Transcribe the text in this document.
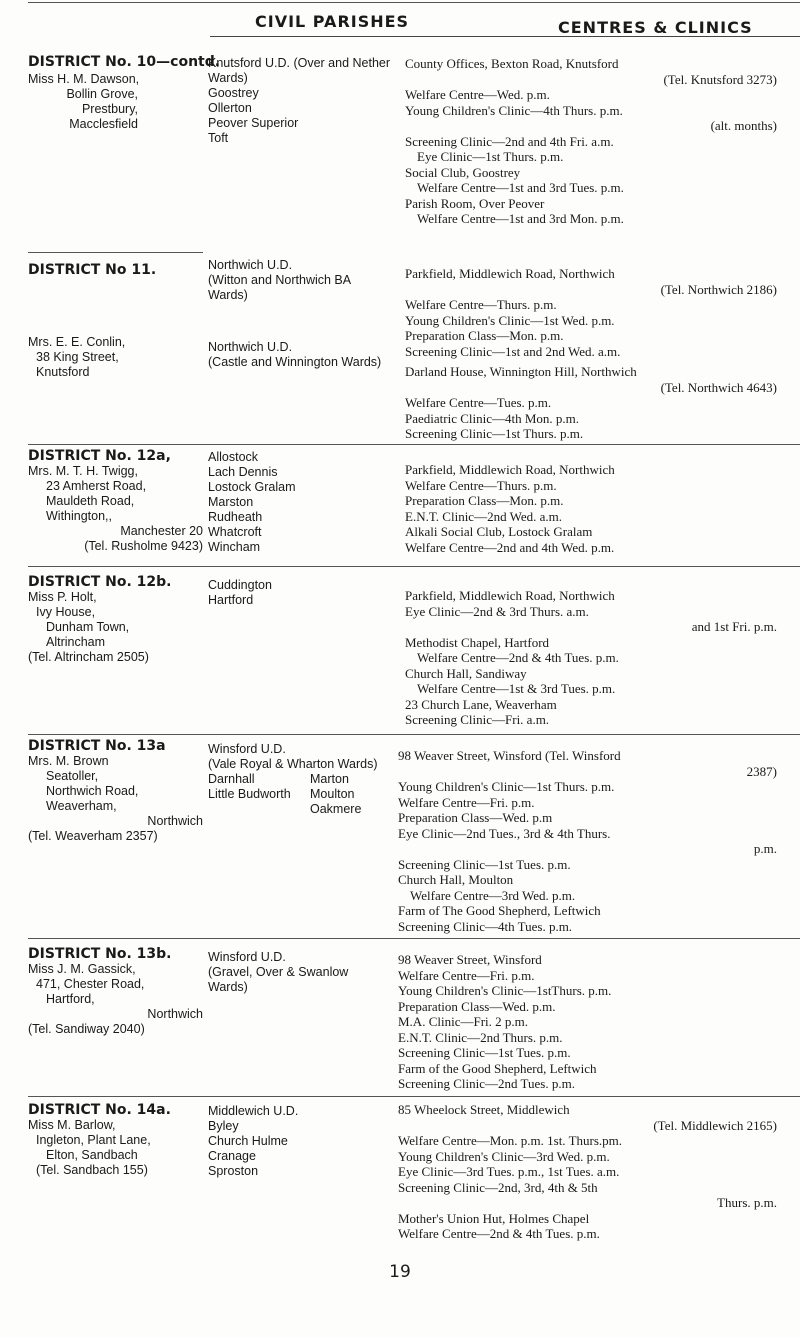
DISTRICT No. 10—contd.
CIVIL PARISHES	CENTRES & CLINICS
Miss H. M. Dawson,
Bollin Grove,
Prestbury,
Macclesfield
Knutsford U.D. (Over and Nether
Wards)
Goostrey
Ollerton
Peover Superior
Toft
County Offices, Bexton Road, Knutsford
(Tel. Knutsford 3273)
Welfare Centre—Wed. p.m.
Young Children's Clinic—4th Thurs. p.m.
(alt. months)
Screening Clinic—2nd and 4th Fri. a.m.
Eye Clinic—1st Thurs. p.m.
Social Club, Goostrey
Welfare Centre—1st and 3rd Tues. p.m.
Parish Room, Over Peover
Welfare Centre—1st and 3rd Mon. p.m.
DISTRICT No 11.
Mrs. E. E. Conlin,
38 King Street,
Knutsford
Northwich U.D.
(Witton and Northwich BA
Wards)
Northwich U.D.
(Castle and Winnington Wards)
Parkfield, Middlewich Road, Northwich
(Tel. Northwich 2186)
Welfare Centre—Thurs. p.m.
Young Children's Clinic—1st Wed. p.m.
Preparation Class—Mon. p.m.
Screening Clinic—1st and 2nd Wed. a.m.
Darland House, Winnington Hill, Northwich
(Tel. Northwich 4643)
Welfare Centre—Tues. p.m.
Paediatric Clinic—4th Mon. p.m.
Screening Clinic—1st Thurs. p.m.
DISTRICT No. 12a,
Mrs. M. T. H. Twigg,
23 Amherst Road,
Mauldeth Road,
Withington,,
Manchester 20
(Tel. Rusholme 9423)
Allostock
Lach Dennis
Lostock Gralam
Marston
Rudheath
Whatcroft
Wincham
Parkfield, Middlewich Road, Northwich
Welfare Centre—Thurs. p.m.
Preparation Class—Mon. p.m.
E.N.T. Clinic—2nd Wed. a.m.
Alkali Social Club, Lostock Gralam
Welfare Centre—2nd and 4th Wed. p.m.
DISTRICT No. 12b.
Miss P. Holt,
Ivy House,
Dunham Town,
Altrincham
(Tel. Altrincham 2505)
Cuddington
Hartford	Parkfield, Middlewich Road, Northwich
Eye Clinic—2nd & 3rd Thurs. a.m.
and 1st Fri. p.m.
Methodist Chapel, Hartford
Welfare Centre—2nd & 4th Tues. p.m.
Church Hall, Sandiway
Welfare Centre—1st & 3rd Tues. p.m.
23 Church Lane, Weaverham
Screening Clinic—Fri. a.m.
DISTRICT No. 13a
Mrs. M. Brown
Seatoller,
Northwich Road,
Weaverham,
Northwich
(Tel. Weaverham 2357)
Winsford U.D.
(Vale Royal & Wharton Wards)
Darnhall
Little Budworth
Marton
Moulton
Oakmere
98 Weaver Street, Winsford (Tel. Winsford
2387)
Young Children's Clinic—1st Thurs. p.m.
Welfare Centre—Fri. p.m.
Preparation Class—Wed. p.m
Eye Clinic—2nd Tues., 3rd & 4th Thurs.
p.m.
Screening Clinic—1st Tues. p.m.
Church Hall, Moulton
Welfare Centre—3rd Wed. p.m.
Farm of The Good Shepherd, Leftwich
Screening Clinic—4th Tues. p.m.
DISTRICT No. 13b.
Miss J. M. Gassick,
471, Chester Road,
Hartford,
Northwich
(Tel. Sandiway 2040)
Winsford U.D.
(Gravel, Over & Swanlow
Wards)
98 Weaver Street, Winsford
Welfare Centre—Fri. p.m.
Young Children's Clinic—1stThurs. p.m.
Preparation Class—Wed. p.m.
M.A. Clinic—Fri. 2 p.m.
E.N.T. Clinic—2nd Thurs. p.m.
Screening Clinic—1st Tues. p.m.
Farm of the Good Shepherd, Leftwich
Screening Clinic—2nd Tues. p.m.
DISTRICT No. 14a.
Miss M. Barlow,
Ingleton, Plant Lane,
Elton, Sandbach
(Tel. Sandbach 155)
Middlewich U.D.
Byley
Church Hulme
Cranage
Sproston
85 Wheelock Street, Middlewich
(Tel. Middlewich 2165)
Welfare Centre—Mon. p.m. 1st. Thurs.pm.
Young Children's Clinic—3rd Wed. p.m.
Eye Clinic—3rd Tues. p.m., 1st Tues. a.m.
Screening Clinic—2nd, 3rd, 4th & 5th
Thurs. p.m.
Mother's Union Hut, Holmes Chapel
Welfare Centre—2nd & 4th Tues. p.m.
19
